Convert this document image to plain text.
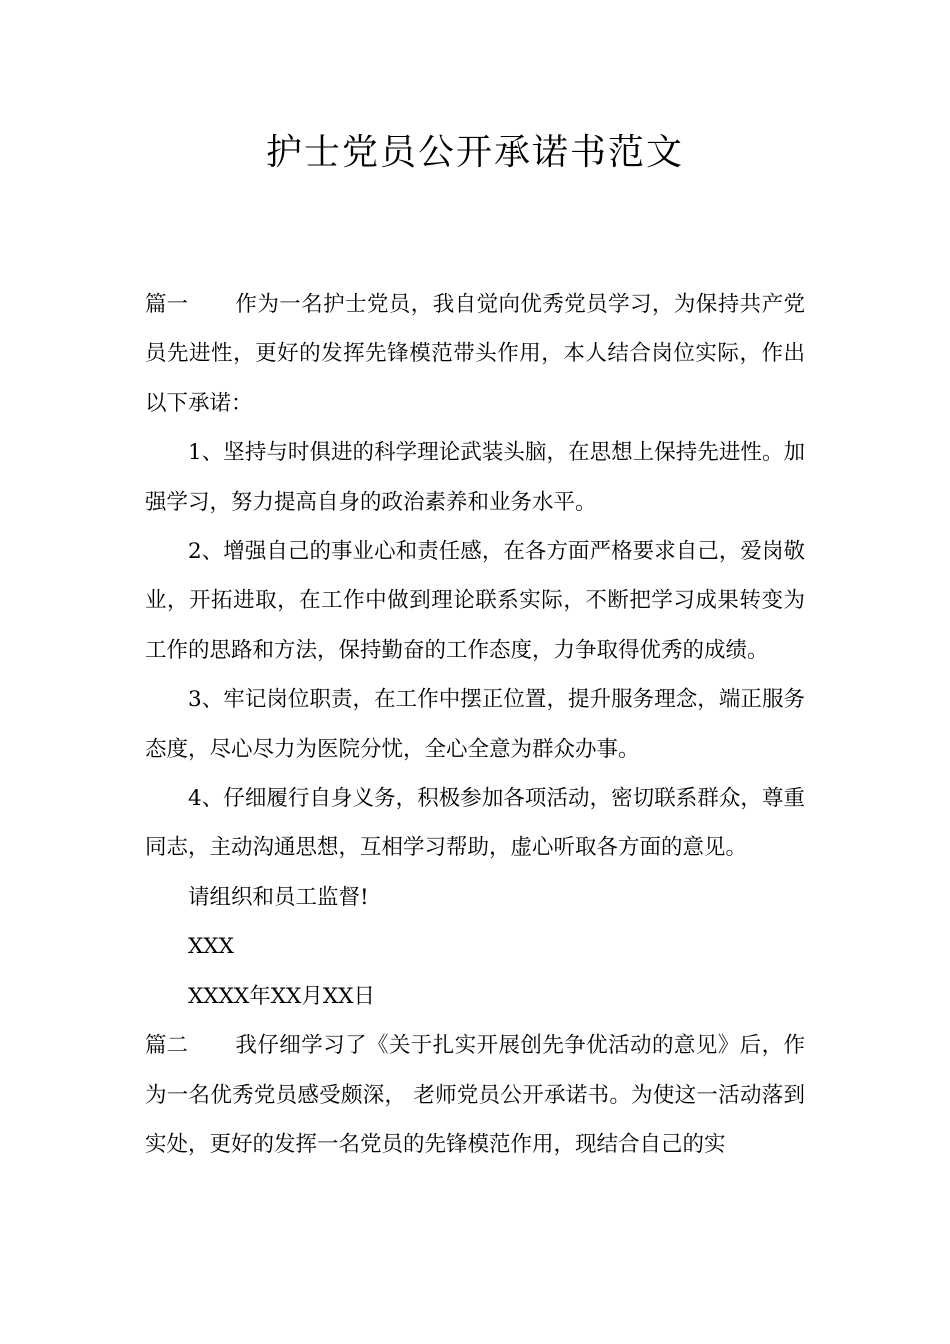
护士党员公开承诺书范文

篇一 作为一名护士党员，我自觉向优秀党员学习，为保持共产党员先进性，更好的发挥先锋模范带头作用，本人结合岗位实际，作出以下承诺：

1、坚持与时俱进的科学理论武装头脑，在思想上保持先进性。加强学习，努力提高自身的政治素养和业务水平。

2、增强自己的事业心和责任感，在各方面严格要求自己，爱岗敬业，开拓进取，在工作中做到理论联系实际，不断把学习成果转变为工作的思路和方法，保持勤奋的工作态度，力争取得优秀的成绩。

3、牢记岗位职责，在工作中摆正位置，提升服务理念，端正服务态度，尽心尽力为医院分忧，全心全意为群众办事。

4、仔细履行自身义务，积极参加各项活动，密切联系群众，尊重同志，主动沟通思想，互相学习帮助，虚心听取各方面的意见。

请组织和员工监督!

XXX

XXXX年XX月XX日

篇二 我仔细学习了《关于扎实开展创先争优活动的意见》后，作为一名优秀党员感受颇深， 老师党员公开承诺书。为使这一活动落到实处，更好的发挥一名党员的先锋模范作用，现结合自己的实
